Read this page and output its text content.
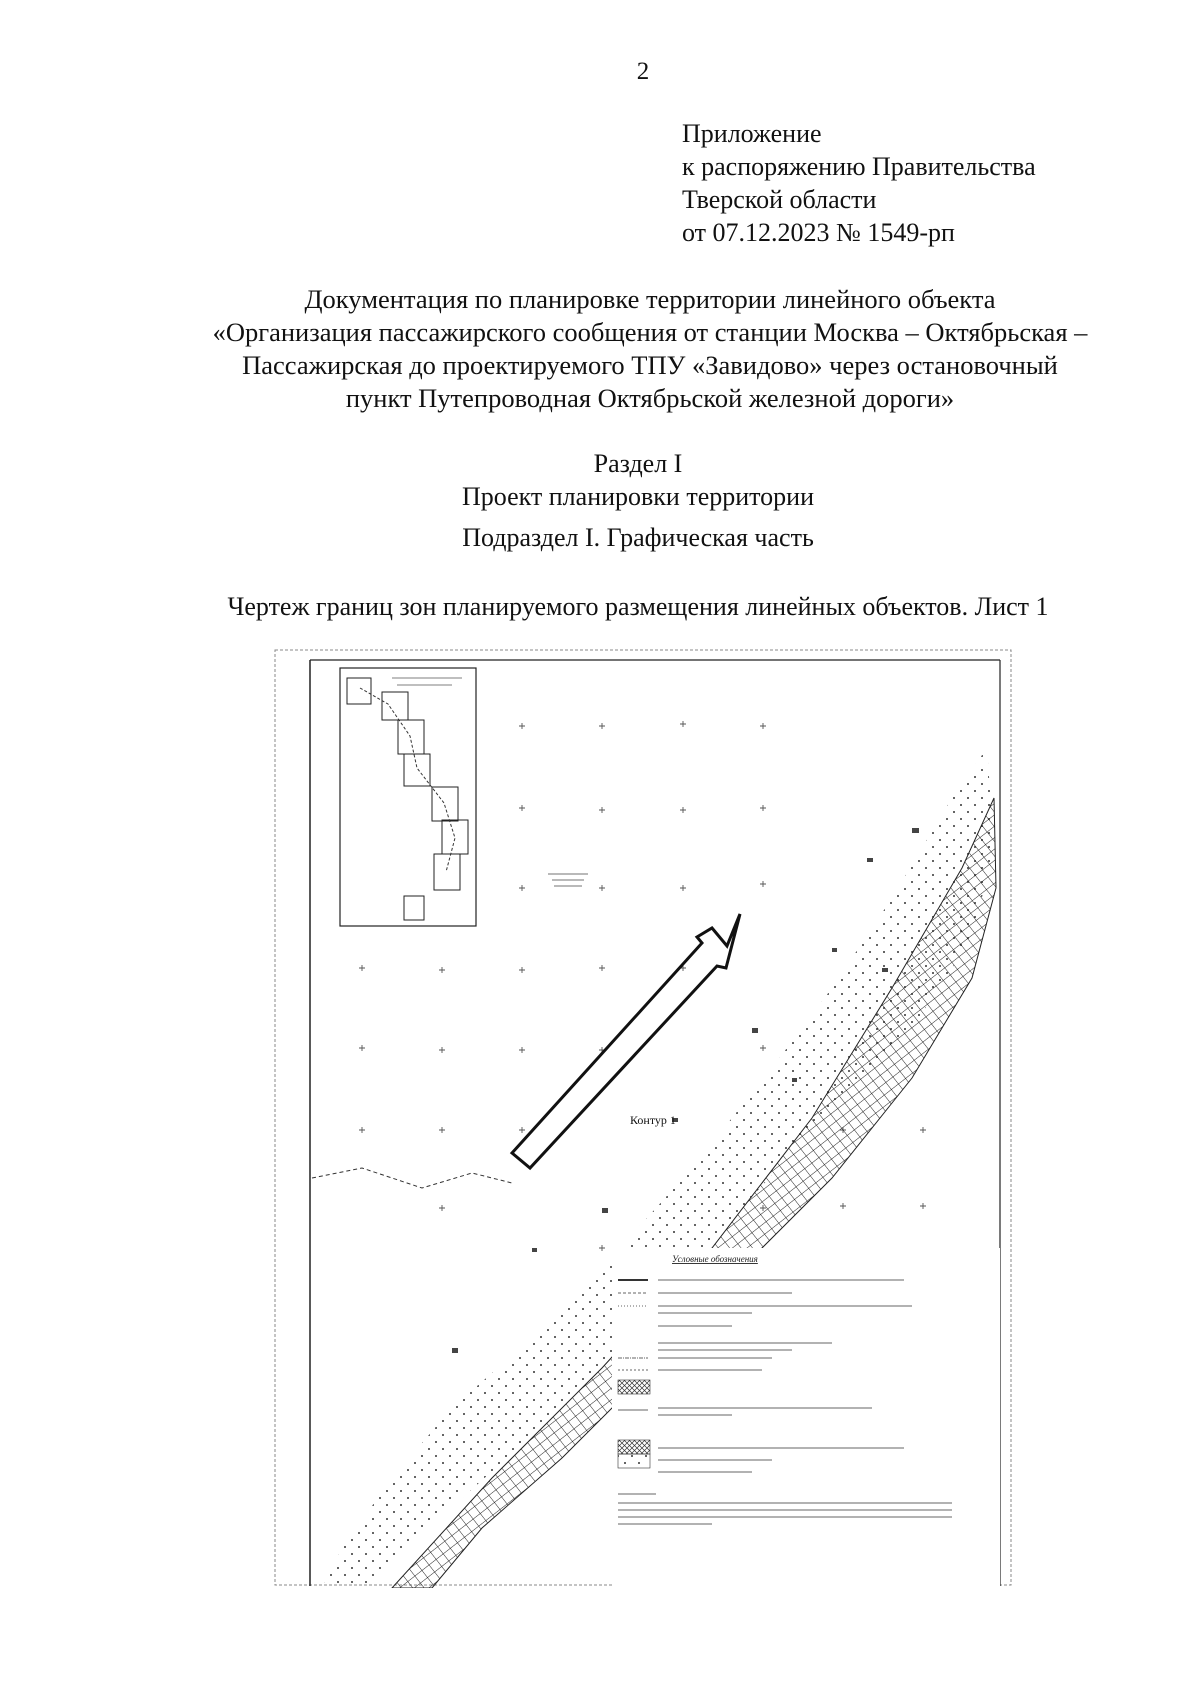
2
Приложение
к распоряжению Правительства
Тверской области
от 07.12.2023 № 1549-рп
Документация по планировке территории линейного объекта
«Организация пассажирского сообщения от станции Москва – Октябрьская –
Пассажирская до проектируемого ТПУ «Завидово» через остановочный
пункт Путепроводная Октябрьской железной дороги»
Раздел I
Проект планировки территории
Подраздел I. Графическая часть
Чертеж границ зон планируемого размещения линейных объектов. Лист 1
Контур 1
Условные обозначения
